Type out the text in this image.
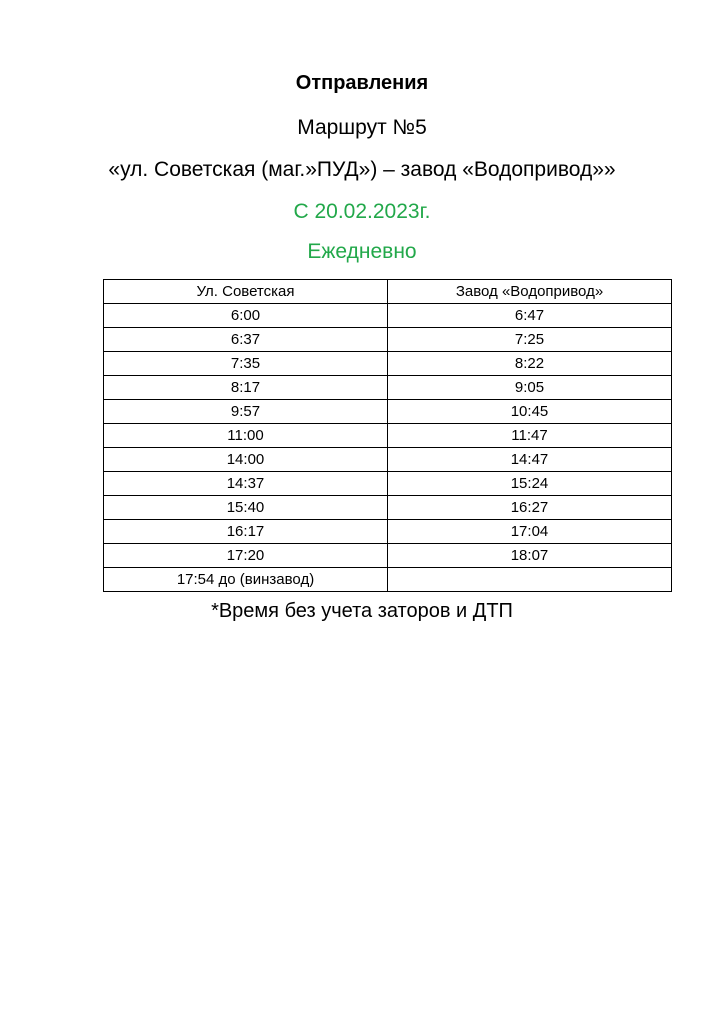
Отправления
Маршрут №5
«ул. Советская (маг.»ПУД») – завод «Водопривод»»
С 20.02.2023г.
Ежедневно
Ул. Советская	Завод «Водопривод»
6:00	6:47
6:37	7:25
7:35	8:22
8:17	9:05
9:57	10:45
11:00	11:47
14:00	14:47
14:37	15:24
15:40	16:27
16:17	17:04
17:20	18:07
17:54 до (винзавод)	
*Время без учета заторов и ДТП
